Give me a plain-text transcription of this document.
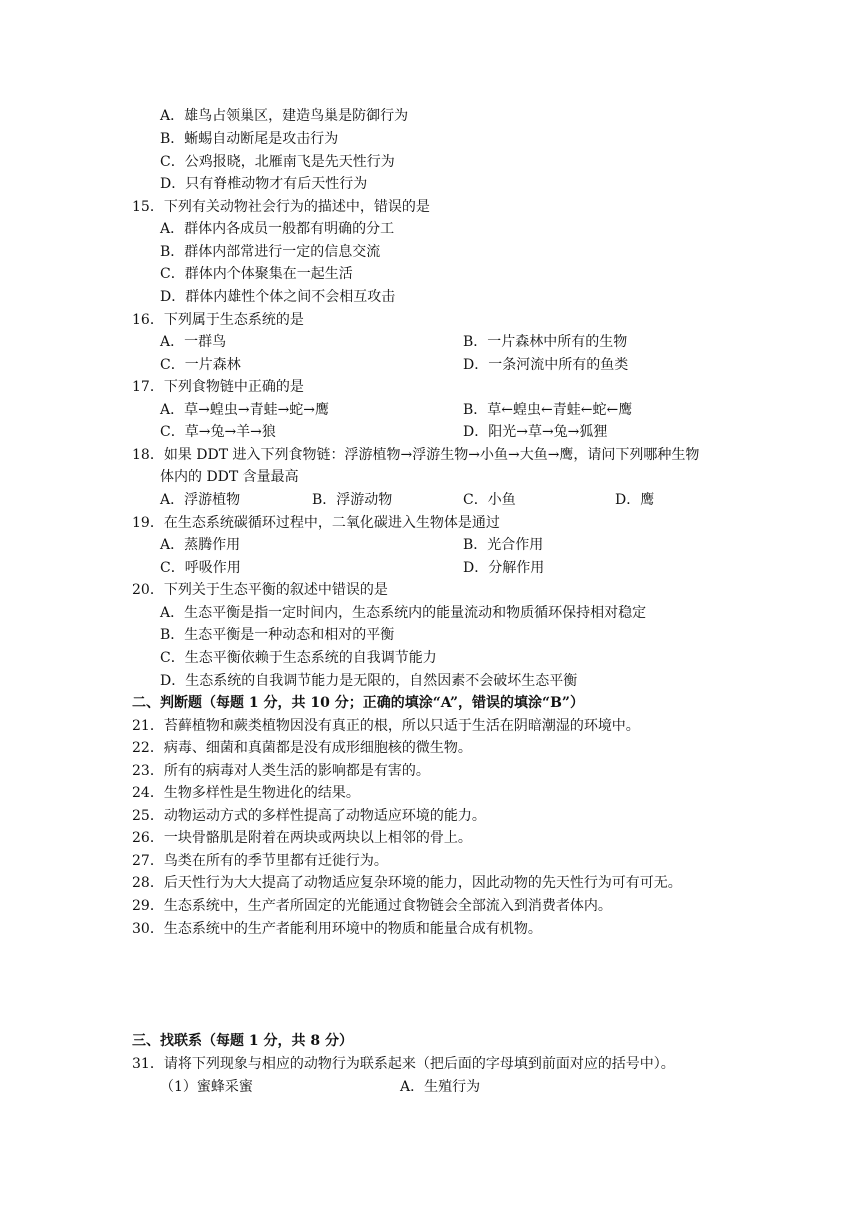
A．雄鸟占领巢区，建造鸟巢是防御行为
B．蜥蜴自动断尾是攻击行为
C．公鸡报晓，北雁南飞是先天性行为
D．只有脊椎动物才有后天性行为
15．下列有关动物社会行为的描述中，错误的是
A．群体内各成员一般都有明确的分工
B．群体内部常进行一定的信息交流
C．群体内个体聚集在一起生活
D．群体内雄性个体之间不会相互攻击
16．下列属于生态系统的是
A．一群鸟	B．一片森林中所有的生物
C．一片森林	D．一条河流中所有的鱼类
17．下列食物链中正确的是
A．草→蝗虫→青蛙→蛇→鹰	B．草←蝗虫←青蛙←蛇←鹰
C．草→兔→羊→狼	D．阳光→草→兔→狐狸
18．如果 DDT 进入下列食物链：浮游植物→浮游生物→小鱼→大鱼→鹰，请问下列哪种生物
体内的 DDT 含量最高
A．浮游植物	B．浮游动物	C．小鱼	D．鹰
19．在生态系统碳循环过程中，二氧化碳进入生物体是通过
A．蒸腾作用	B．光合作用
C．呼吸作用	D．分解作用
20．下列关于生态平衡的叙述中错误的是
A．生态平衡是指一定时间内，生态系统内的能量流动和物质循环保持相对稳定
B．生态平衡是一种动态和相对的平衡
C．生态平衡依赖于生态系统的自我调节能力
D．生态系统的自我调节能力是无限的，自然因素不会破坏生态平衡
二、判断题（每题 1 分，共 10 分；正确的填涂“A”，错误的填涂“B”）
21．苔藓植物和蕨类植物因没有真正的根，所以只适于生活在阴暗潮湿的环境中。
22．病毒、细菌和真菌都是没有成形细胞核的微生物。
23．所有的病毒对人类生活的影响都是有害的。
24．生物多样性是生物进化的结果。
25．动物运动方式的多样性提高了动物适应环境的能力。
26．一块骨骼肌是附着在两块或两块以上相邻的骨上。
27．鸟类在所有的季节里都有迁徙行为。
28．后天性行为大大提高了动物适应复杂环境的能力，因此动物的先天性行为可有可无。
29．生态系统中，生产者所固定的光能通过食物链会全部流入到消费者体内。
30．生态系统中的生产者能利用环境中的物质和能量合成有机物。
三、找联系（每题 1 分，共 8 分）
31．请将下列现象与相应的动物行为联系起来（把后面的字母填到前面对应的括号中）。
（1）蜜蜂采蜜	A．生殖行为
